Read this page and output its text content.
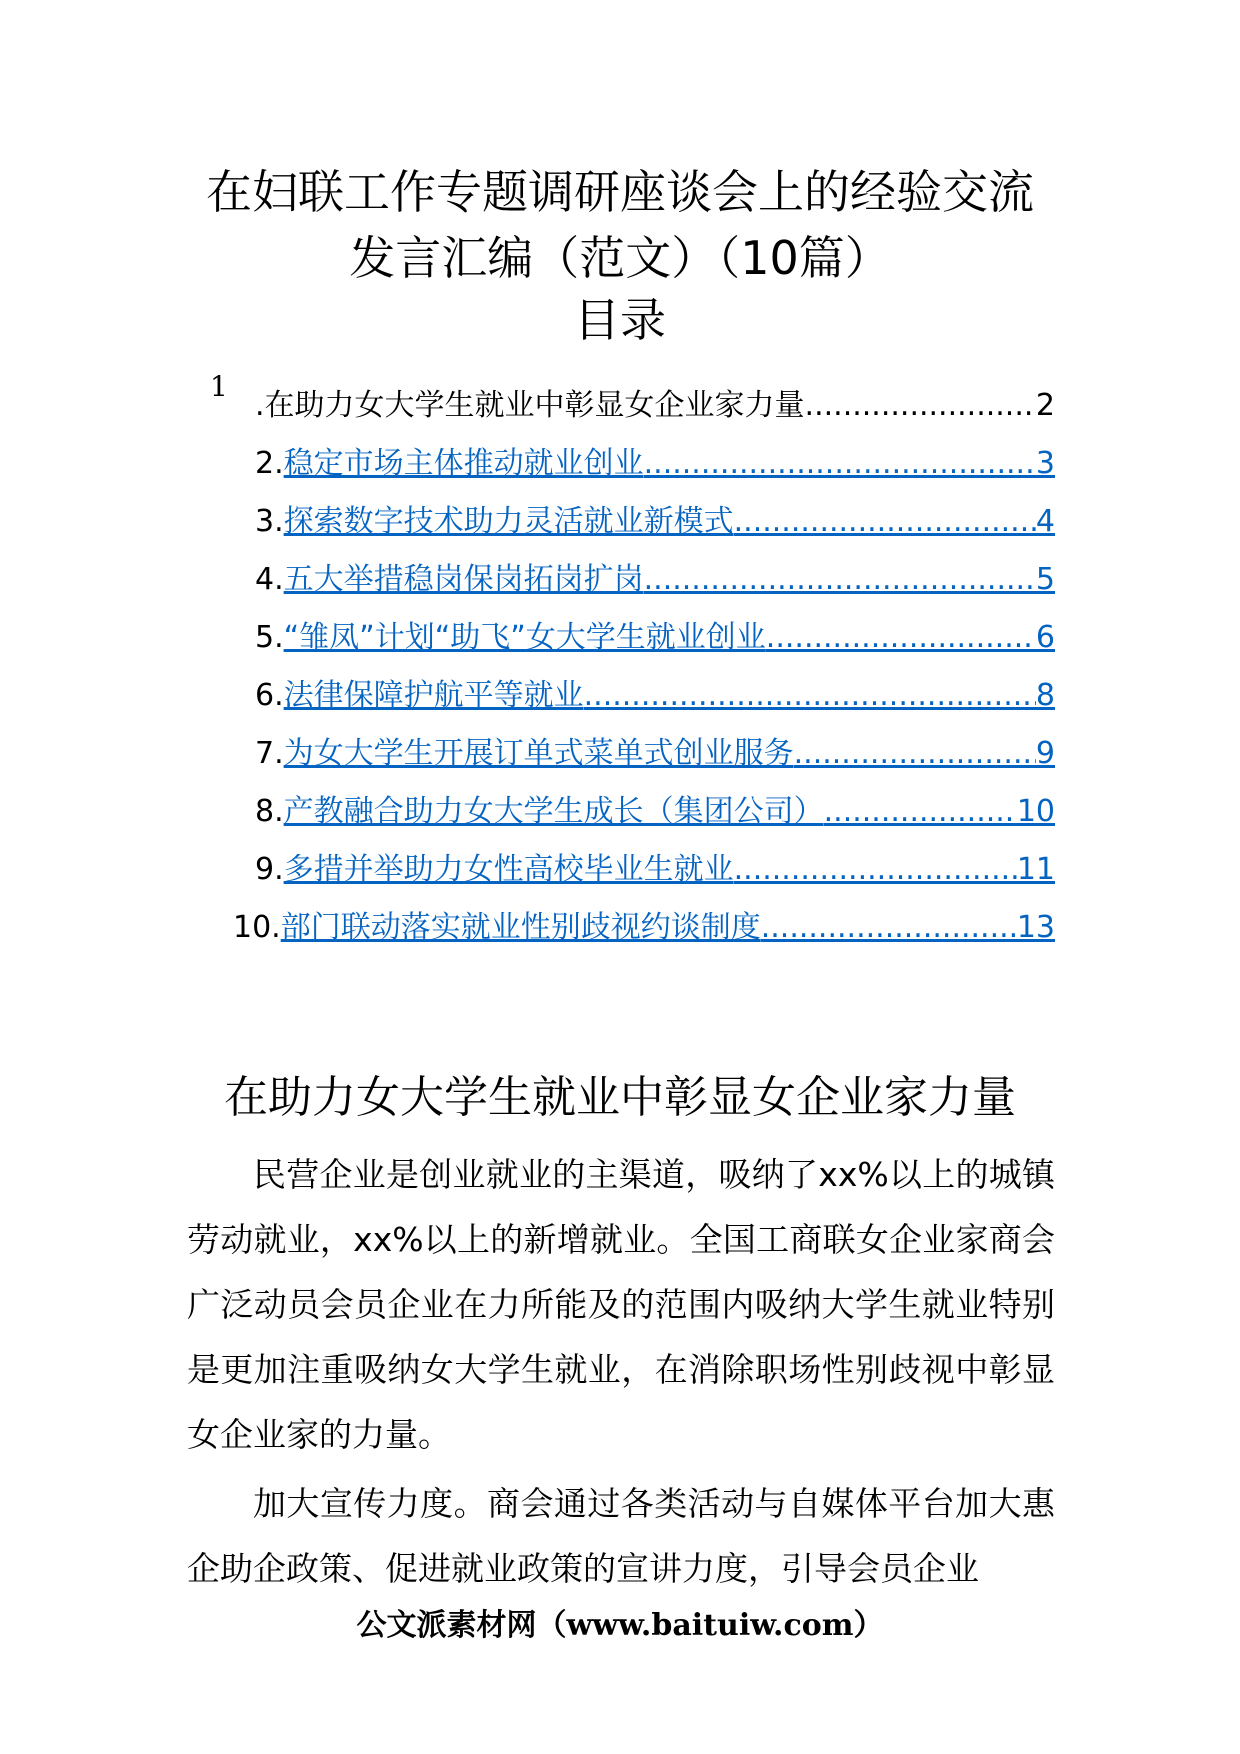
在妇联工作专题调研座谈会上的经验交流
发言汇编（范文）（10篇）
目录
1
.在助力女大学生就业中彰显女企业家力量 .....	2
2. 稳定市场主体推动就业创业 .....	3
3. 探索数字技术助力灵活就业新模式 .....	4
4. 五大举措稳岗保岗拓岗扩岗 .....	5
5. “雏凤”计划“助飞”女大学生就业创业 .....	6
6. 法律保障护航平等就业 .....	8
7. 为女大学生开展订单式菜单式创业服务 .....	9
8. 产教融合助力女大学生成长（集团公司） .....	10
9. 多措并举助力女性高校毕业生就业 .....	11
10. 部门联动落实就业性别歧视约谈制度 .....	13
在助力女大学生就业中彰显女企业家力量

民营企业是创业就业的主渠道，吸纳了xx%以上的城镇劳动就业，xx%以上的新增就业。全国工商联女企业家商会广泛动员会员企业在力所能及的范围内吸纳大学生就业特别是更加注重吸纳女大学生就业，在消除职场性别歧视中彰显女企业家的力量。

加大宣传力度。商会通过各类活动与自媒体平台加大惠企助企政策、促进就业政策的宣讲力度，引导会员企业

公文派素材网（www.baituiw.com）
